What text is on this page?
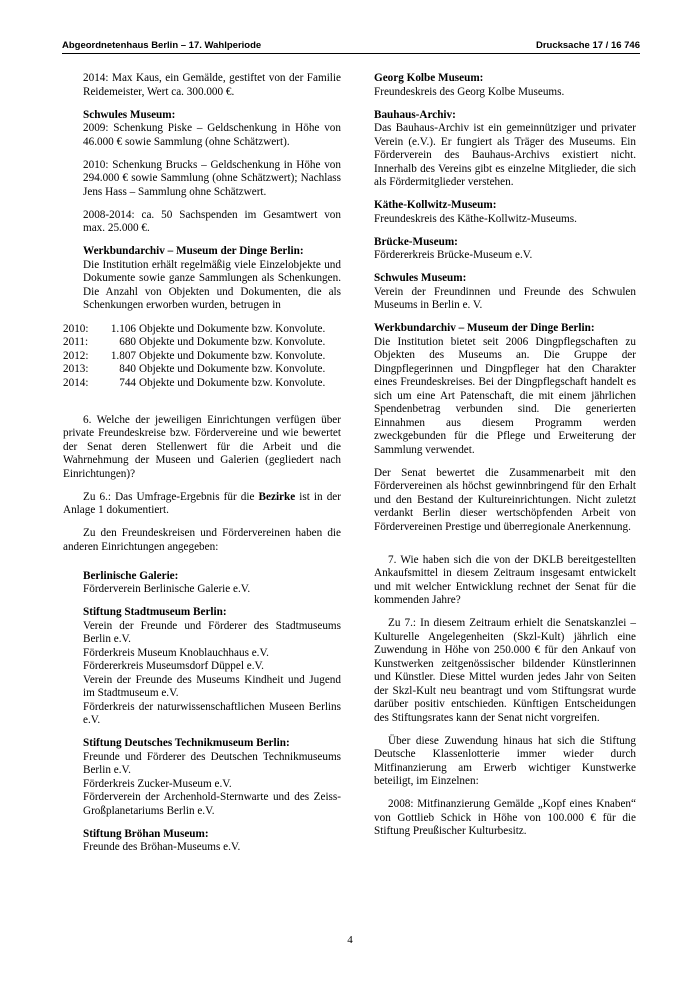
Abgeordnetenhaus Berlin – 17. Wahlperiode	Drucksache 17 / 16 746

2014: Max Kaus, ein Gemälde, gestiftet von der Familie Reidemeister, Wert ca. 300.000 €.

Schwules Museum:

2009: Schenkung Piske – Geldschenkung in Höhe von 46.000 € sowie Sammlung (ohne Schätzwert).

2010: Schenkung Brucks – Geldschenkung in Höhe von 294.000 € sowie Sammlung (ohne Schätzwert); Nachlass Jens Hass – Sammlung ohne Schätzwert.

2008-2014: ca. 50 Sachspenden im Gesamtwert von max. 25.000 €.

Werkbundarchiv – Museum der Dinge Berlin:
Die Institution erhält regelmäßig viele Einzelobjekte und Dokumente sowie ganze Sammlungen als Schenkungen. Die Anzahl von Objekten und Dokumenten, die als Schenkungen erworben wurden, betrugen in
2010:	1.106 Objekte und Dokumente bzw. Konvolute.
2011:	680 Objekte und Dokumente bzw. Konvolute.
2012:	1.807 Objekte und Dokumente bzw. Konvolute.
2013:	840 Objekte und Dokumente bzw. Konvolute.
2014:	744 Objekte und Dokumente bzw. Konvolute.

6. Welche der jeweiligen Einrichtungen verfügen über private Freundeskreise bzw. Fördervereine und wie bewertet der Senat deren Stellenwert für die Arbeit und die Wahrnehmung der Museen und Galerien (gegliedert nach Einrichtungen)?

Zu 6.: Das Umfrage-Ergebnis für die Bezirke ist in der Anlage 1 dokumentiert.

Zu den Freundeskreisen und Fördervereinen haben die anderen Einrichtungen angegeben:

Berlinische Galerie:
Förderverein Berlinische Galerie e.V.
Stiftung Stadtmuseum Berlin:
Verein der Freunde und Förderer des Stadtmuseums Berlin e.V.
Förderkreis Museum Knoblauchhaus e.V.
Fördererkreis Museumsdorf Düppel e.V.
Verein der Freunde des Museums Kindheit und Jugend im Stadtmuseum e.V.
Förderkreis der naturwissenschaftlichen Museen Berlins e.V.
Stiftung Deutsches Technikmuseum Berlin:
Freunde und Förderer des Deutschen Technikmuseums Berlin e.V.
Förderkreis Zucker-Museum e.V.
Förderverein der Archenhold-Sternwarte und des Zeiss-Großplanetariums Berlin e.V.
Stiftung Bröhan Museum:
Freunde des Bröhan-Museums e.V.
Georg Kolbe Museum:
Freundeskreis des Georg Kolbe Museums.
Bauhaus-Archiv:
Das Bauhaus-Archiv ist ein gemeinnütziger und privater Verein (e.V.). Er fungiert als Träger des Museums. Ein Förderverein des Bauhaus-Archivs existiert nicht. Innerhalb des Vereins gibt es einzelne Mitglieder, die sich als Fördermitglieder verstehen.
Käthe-Kollwitz-Museum:
Freundeskreis des Käthe-Kollwitz-Museums.
Brücke-Museum:
Fördererkreis Brücke-Museum e.V.
Schwules Museum:
Verein der Freundinnen und Freunde des Schwulen Museums in Berlin e. V.
Werkbundarchiv – Museum der Dinge Berlin:
Die Institution bietet seit 2006 Dingpflegschaften zu Objekten des Museums an. Die Gruppe der Dingpflegerinnen und Dingpfleger hat den Charakter eines Freundeskreises. Bei der Dingpflegschaft handelt es sich um eine Art Patenschaft, die mit einem jährlichen Spendenbetrag verbunden sind. Die generierten Einnahmen aus diesem Programm werden zweckgebunden für die Pflege und Erweiterung der Sammlung verwendet.

Der Senat bewertet die Zusammenarbeit mit den Fördervereinen als höchst gewinnbringend für den Erhalt und den Bestand der Kultureinrichtungen. Nicht zuletzt verdankt Berlin dieser wertschöpfenden Arbeit von Fördervereinen Prestige und überregionale Anerkennung.

7. Wie haben sich die von der DKLB bereitgestellten Ankaufsmittel in diesem Zeitraum insgesamt entwickelt und mit welcher Entwicklung rechnet der Senat für die kommenden Jahre?

Zu 7.: In diesem Zeitraum erhielt die Senatskanzlei – Kulturelle Angelegenheiten (Skzl-Kult) jährlich eine Zuwendung in Höhe von 250.000 € für den Ankauf von Kunstwerken zeitgenössischer bildender Künstlerinnen und Künstler. Diese Mittel wurden jedes Jahr von Seiten der Skzl-Kult neu beantragt und vom Stiftungsrat wurde darüber positiv entschieden. Künftigen Entscheidungen des Stiftungsrates kann der Senat nicht vorgreifen.

Über diese Zuwendung hinaus hat sich die Stiftung Deutsche Klassenlotterie immer wieder durch Mitfinanzierung am Erwerb wichtiger Kunstwerke beteiligt, im Einzelnen:

2008: Mitfinanzierung Gemälde „Kopf eines Knaben“ von Gottlieb Schick in Höhe von 100.000 € für die Stiftung Preußischer Kulturbesitz.

4
